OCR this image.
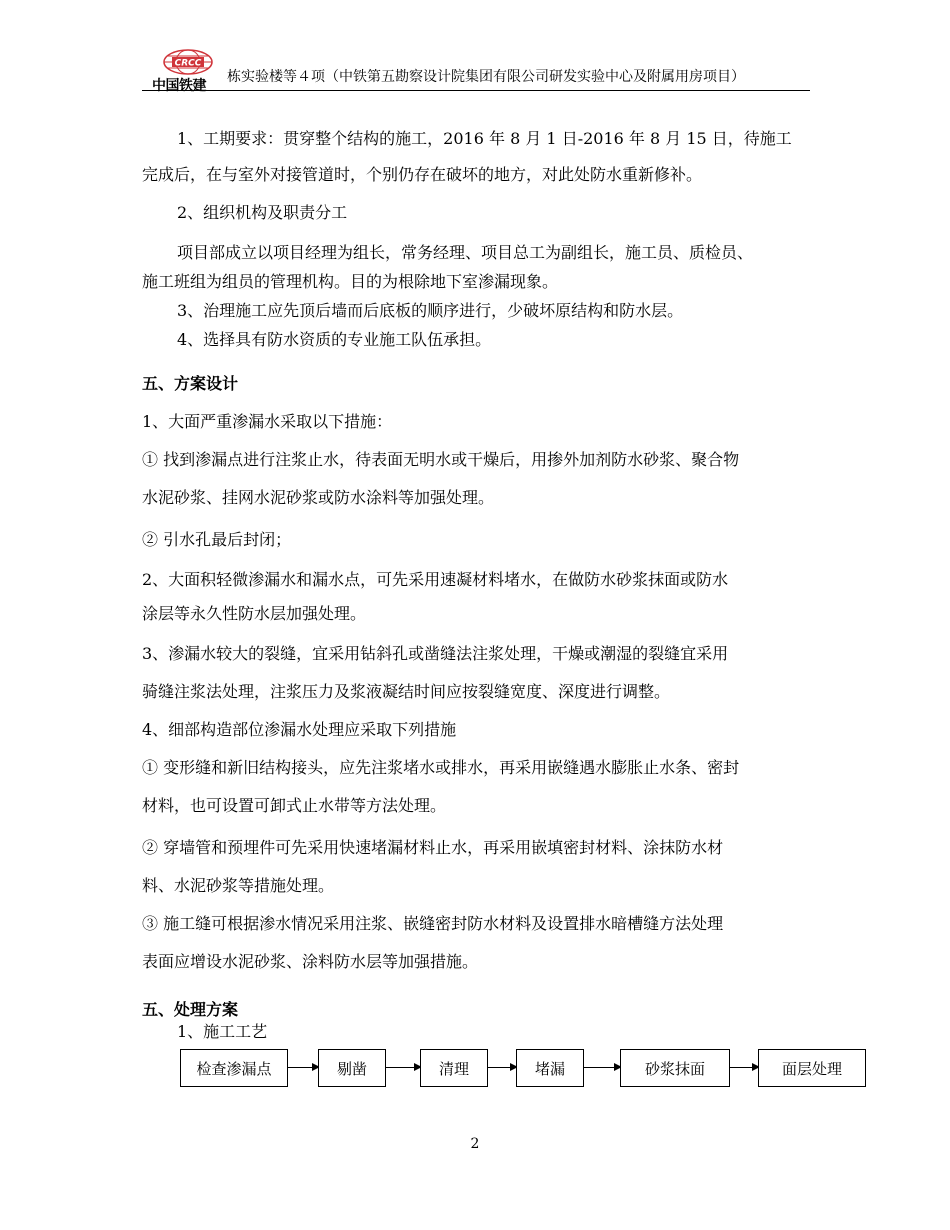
CRCC
中国铁建
栋实验楼等４项（中铁第五勘察设计院集团有限公司研发实验中心及附属用房项目）
1、工期要求：贯穿整个结构的施工，2016 年 8 月 1 日-2016 年 8 月 15 日，待施工
完成后，在与室外对接管道时，个别仍存在破坏的地方，对此处防水重新修补。
2、组织机构及职责分工
项目部成立以项目经理为组长，常务经理、项目总工为副组长，施工员、质检员、
施工班组为组员的管理机构。目的为根除地下室渗漏现象。
3、治理施工应先顶后墙而后底板的顺序进行，少破坏原结构和防水层。
4、选择具有防水资质的专业施工队伍承担。
五、方案设计
1、大面严重渗漏水采取以下措施：
① 找到渗漏点进行注浆止水，待表面无明水或干燥后，用掺外加剂防水砂浆、聚合物
水泥砂浆、挂网水泥砂浆或防水涂料等加强处理。
② 引水孔最后封闭；
2、大面积轻微渗漏水和漏水点，可先采用速凝材料堵水，在做防水砂浆抹面或防水
涂层等永久性防水层加强处理。
3、渗漏水较大的裂缝，宜采用钻斜孔或凿缝法注浆处理，干燥或潮湿的裂缝宜采用
骑缝注浆法处理，注浆压力及浆液凝结时间应按裂缝宽度、深度进行调整。
4、细部构造部位渗漏水处理应采取下列措施
① 变形缝和新旧结构接头，应先注浆堵水或排水，再采用嵌缝遇水膨胀止水条、密封
材料，也可设置可卸式止水带等方法处理。
② 穿墙管和预埋件可先采用快速堵漏材料止水，再采用嵌填密封材料、涂抹防水材
料、水泥砂浆等措施处理。
③ 施工缝可根据渗水情况采用注浆、嵌缝密封防水材料及设置排水暗槽缝方法处理
表面应增设水泥砂浆、涂料防水层等加强措施。
五、处理方案
1、施工工艺
检查渗漏点	剔凿	清理	堵漏	砂浆抹面	面层处理
2
